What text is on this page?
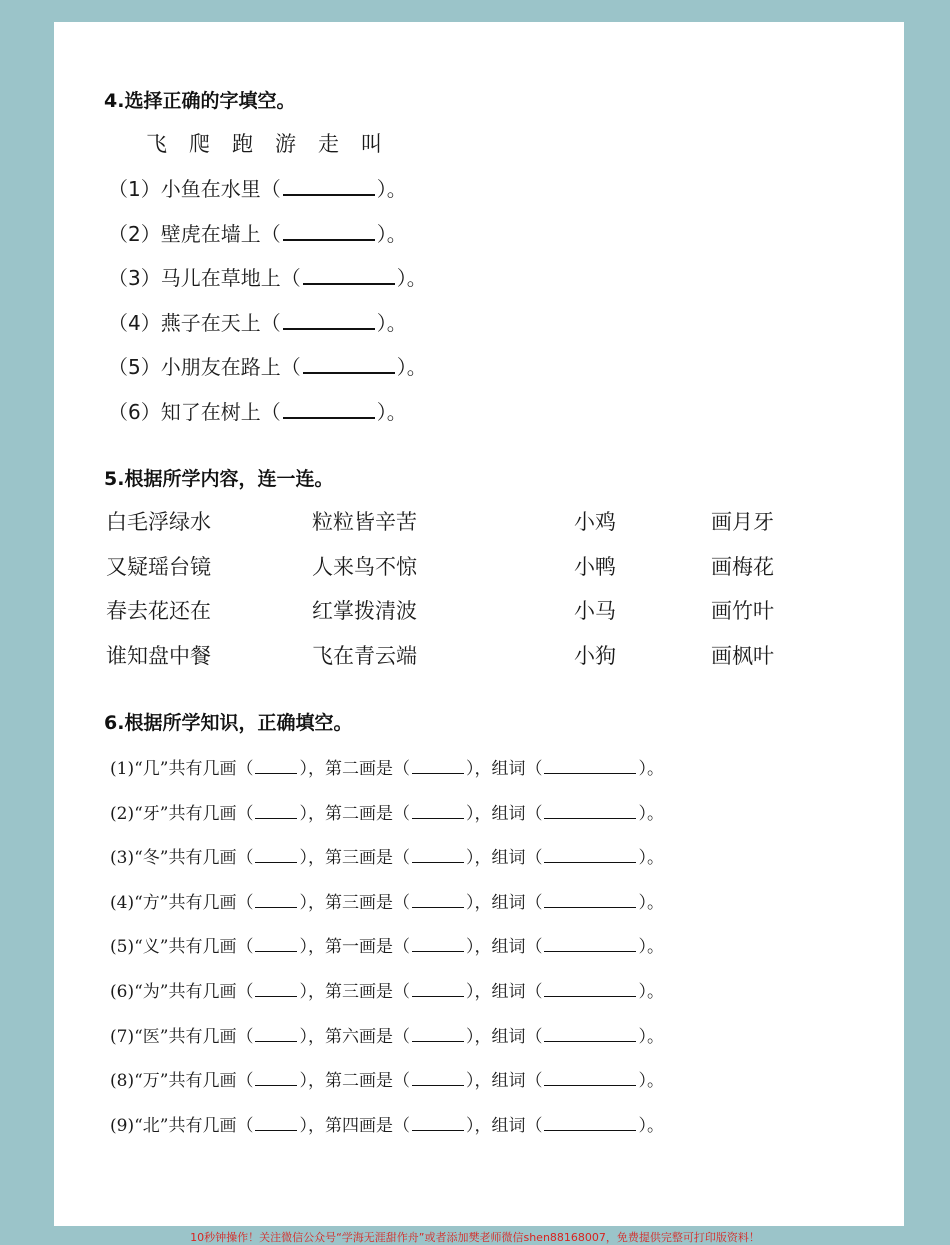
4.选择正确的字填空。
飞 爬 跑 游 走 叫
（1）小鱼在水里（	）。
（2）壁虎在墙上（	）。
（3）马儿在草地上（	）。
（4）燕子在天上（	）。
（5）小朋友在路上（	）。
（6）知了在树上（	）。
5.根据所学内容，连一连。
白毛浮绿水	粒粒皆辛苦	小鸡	画月牙
又疑瑶台镜	人来鸟不惊	小鸭	画梅花
春去花还在	红掌拨清波	小马	画竹叶
谁知盘中餐	飞在青云端	小狗	画枫叶
6.根据所学知识，正确填空。
(1)“几”共有几画（	），第二画是（	），组词（	）。
(2)“牙”共有几画（	），第二画是（	），组词（	）。
(3)“冬”共有几画（	），第三画是（	），组词（	）。
(4)“方”共有几画（	），第三画是（	），组词（	）。
(5)“义”共有几画（	），第一画是（	），组词（	）。
(6)“为”共有几画（	），第三画是（	），组词（	）。
(7)“医”共有几画（	），第六画是（	），组词（	）。
(8)“万”共有几画（	），第二画是（	），组词（	）。
(9)“北”共有几画（	），第四画是（	），组词（	）。
10秒钟操作！关注微信公众号“学海无涯甜作舟”或者添加樊老师微信shen88168007，免费提供完整可打印版资料！
